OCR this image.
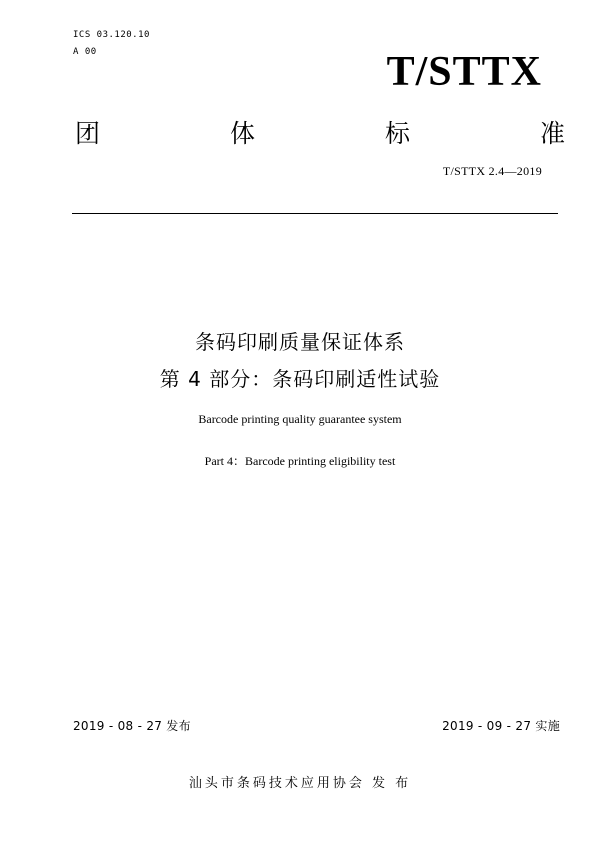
ICS 03.120.10
A 00	T/STTX
团	体	标	准
T/STTX 2.4—2019
条码印刷质量保证体系
第 4 部分：条码印刷适性试验
Barcode printing quality guarantee system
Part 4：Barcode printing eligibility test
2019 - 08 - 27 发布	2019 - 09 - 27 实施
汕头市条码技术应用协会 发 布
